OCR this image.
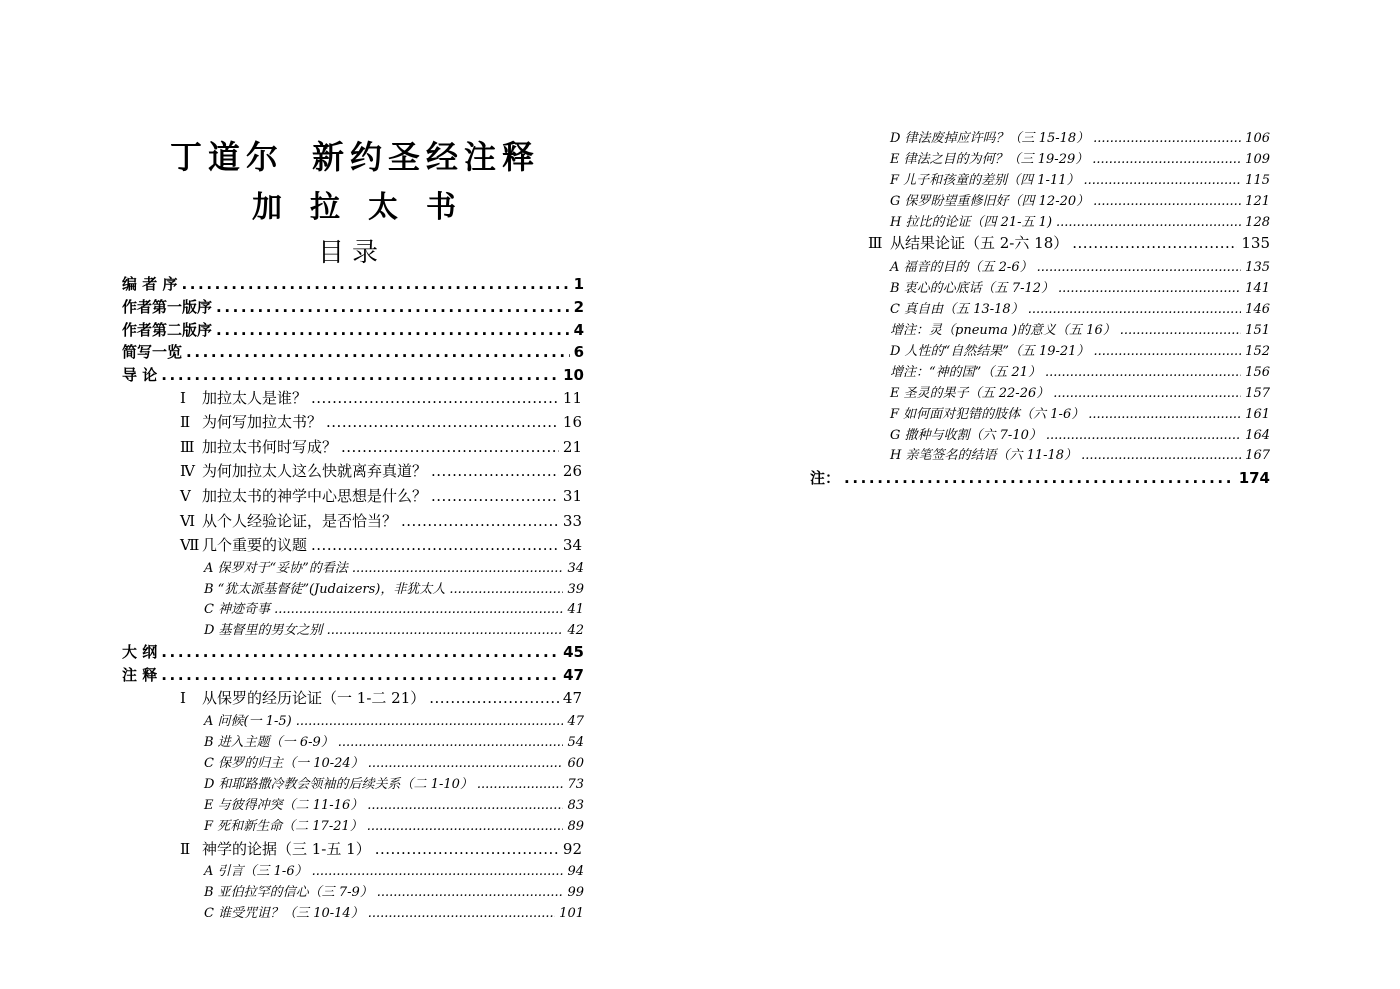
丁道尔 新约圣经注释
加拉太书
目录
编 者 序 .....	1
作者第一版序 .....	2
作者第二版序 .....	4
简写一览 .....	6
导 论 .....	10
Ⅰ 加拉太人是谁？ .....	11
Ⅱ 为何写加拉太书？ .....	16
Ⅲ 加拉太书何时写成？ .....	21
Ⅳ 为何加拉太人这么快就离弃真道？ .....	26
Ⅴ 加拉太书的神学中心思想是什么？ .....	31
Ⅵ 从个人经验论证，是否恰当？ .....	33
Ⅶ 几个重要的议题 .....	34
A 保罗对于“妥协”的看法 .....	34
B “犹太派基督徒”(Judaizers)，非犹太人 .....	39
C 神迹奇事 .....	41
D 基督里的男女之别 .....	42
大 纲 .....	45
注 释 .....	47
Ⅰ 从保罗的经历论证（一 1-二 21） .....	47
A 问候(一 1-5) .....	47
B 进入主题（一 6-9） .....	54
C 保罗的归主（一 10-24） .....	60
D 和耶路撒冷教会领袖的后续关系（二 1-10） .....	73
E 与彼得冲突（二 11-16） .....	83
F 死和新生命（二 17-21） .....	89
Ⅱ 神学的论据（三 1-五 1） .....	92
A 引言（三 1-6） .....	94
B 亚伯拉罕的信心（三 7-9） .....	99
C 谁受咒诅？（三 10-14） .....	101
D 律法废掉应许吗？（三 15-18） .....	106
E 律法之目的为何？（三 19-29） .....	109
F 儿子和孩童的差别（四 1-11） .....	115
G 保罗盼望重修旧好（四 12-20） .....	121
H 拉比的论证（四 21-五 1) .....	128
Ⅲ 从结果论证（五 2-六 18） .....	135
A 福音的目的（五 2-6） .....	135
B 衷心的心底话（五 7-12） .....	141
C 真自由（五 13-18） .....	146
增注：灵（pneuma )的意义（五 16） .....	151
D 人性的“自然结果”（五 19-21） .....	152
增注：“神的国”（五 21） .....	156
E 圣灵的果子（五 22-26） .....	157
F 如何面对犯错的肢体（六 1-6） .....	161
G 撒种与收割（六 7-10） .....	164
H 亲笔签名的结语（六 11-18） .....	167
注： .....	174
